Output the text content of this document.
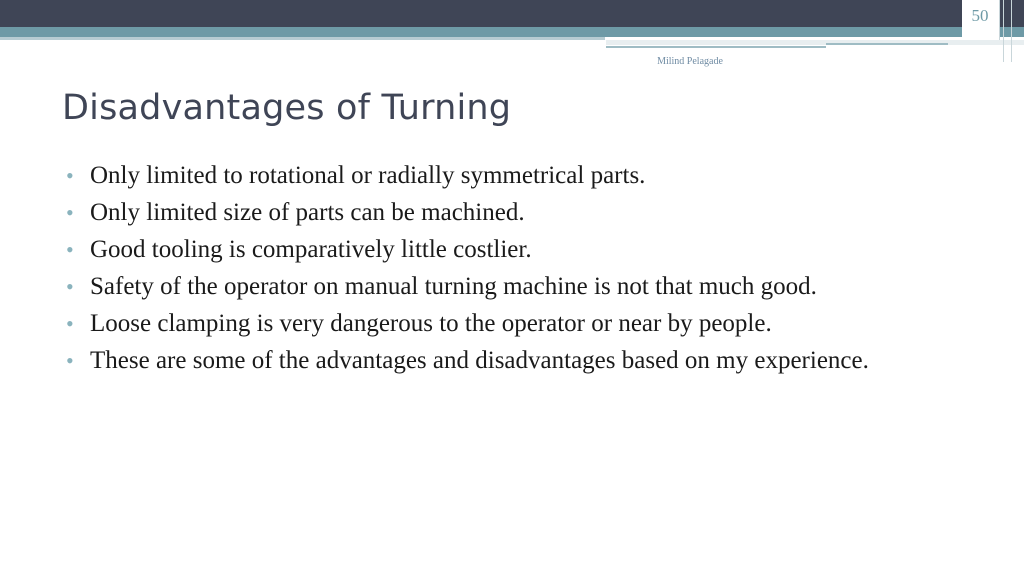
50
Milind Pelagade
Disadvantages of Turning
• Only limited to rotational or radially symmetrical parts.
• Only limited size of parts can be machined.
• Good tooling is comparatively little costlier.
• Safety of the operator on manual turning machine is not that much good.
• Loose clamping is very dangerous to the operator or near by people.
• These are some of the advantages and disadvantages based on my experience.
